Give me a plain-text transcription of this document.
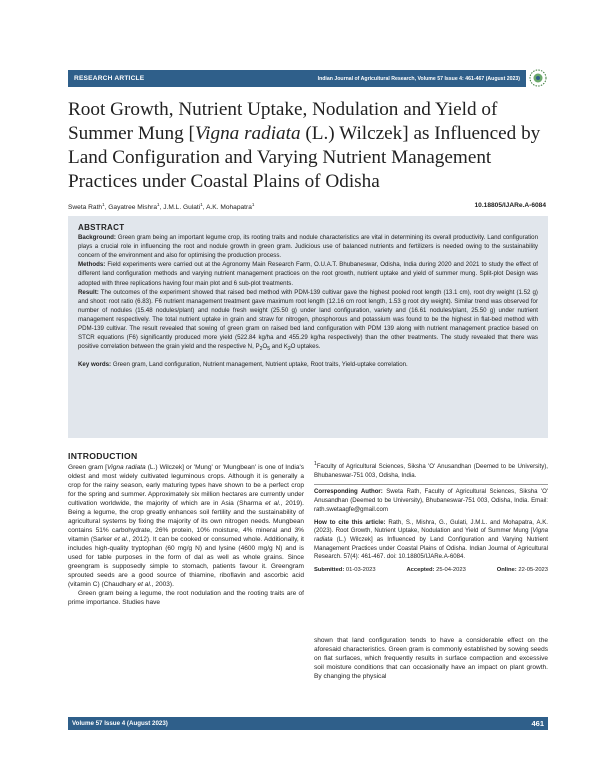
RESEARCH ARTICLE	Indian Journal of Agricultural Research, Volume 57 Issue 4: 461-467 (August 2023)
Root Growth, Nutrient Uptake, Nodulation and Yield of Summer Mung [Vigna radiata (L.) Wilczek] as Influenced by Land Configuration and Varying Nutrient Management Practices under Coastal Plains of Odisha
Sweta Rath$^1$, Gayatree Mishra$^1$, J.M.L. Gulati$^1$, A.K. Mohapatra$^1$	10.18805/IJARe.A-6084
ABSTRACT

Background: Green gram being an important legume crop, its rooting traits and nodule characteristics are vital in determining its overall productivity. Land configuration plays a crucial role in influencing the root and nodule growth in green gram. Judicious use of balanced nutrients and fertilizers is needed owing to the sustainability concern of the environment and also for optimising the production process.

Methods: Field experiments were carried out at the Agronomy Main Research Farm, O.U.A.T. Bhubaneswar, Odisha, India during 2020 and 2021 to study the effect of different land configuration methods and varying nutrient management practices on the root growth, nutrient uptake and yield of summer mung. Split-plot Design was adopted with three replications having four main plot and 6 sub-plot treatments.

Result: The outcomes of the experiment showed that raised bed method with PDM-139 cultivar gave the highest pooled root length (13.1 cm), root dry weight (1.52 g) and shoot: root ratio (6.83). F6 nutrient management treatment gave maximum root length (12.16 cm root length, 1.53 g root dry weight). Similar trend was observed for number of nodules (15.48 nodules/plant) and nodule fresh weight (25.50 g) under land configuration, variety and (16.61 nodules/plant, 25.50 g) under nutrient management respectively. The total nutrient uptake in grain and straw for nitrogen, phosphorous and potassium was found to be the highest in flat-bed method with PDM-139 cultivar. The result revealed that sowing of green gram on raised bed land configuration with PDM 139 along with nutrient management practice based on STCR equations (F6) significantly produced more yield (522.84 kg/ha and 455.29 kg/ha respectively) than the other treatments. The study revealed that there was positive correlation between the grain yield and the respective N, $P_2O_5$ and $K_2O$ uptakes.

Key words: Green gram, Land configuration, Nutrient management, Nutrient uptake, Root traits, Yield-uptake correlation.

INTRODUCTION

Green gram [Vigna radiata (L.) Wilczek] or 'Mung' or 'Mungbean' is one of India's oldest and most widely cultivated leguminous crops. Although it is generally a crop for the rainy season, early maturing types have shown to be a perfect crop for the spring and summer. Approximately six million hectares are currently under cultivation worldwide, the majority of which are in Asia (Sharma et al., 2019). Being a legume, the crop greatly enhances soil fertility and the sustainability of agricultural systems by fixing the majority of its own nitrogen needs. Mungbean contains 51% carbohydrate, 26% protein, 10% moisture, 4% mineral and 3% vitamin (Sarker et al., 2012). It can be cooked or consumed whole. Additionally, it includes high-quality tryptophan (60 mg/g N) and lysine (4600 mg/g N) and is used for table purposes in the form of dal as well as whole grains. Since greengram is supposedly simple to stomach, patients favour it. Greengram sprouted seeds are a good source of thiamine, riboflavin and ascorbic acid (vitamin C) (Chaudhary et al., 2003).

Green gram being a legume, the root nodulation and the rooting traits are of prime importance. Studies have

$^1$Faculty of Agricultural Sciences, Siksha 'O' Anusandhan (Deemed to be University), Bhubaneswar-751 003, Odisha, India.

Corresponding Author: Sweta Rath, Faculty of Agricultural Sciences, Siksha 'O' Anusandhan (Deemed to be University), Bhubaneswar-751 003, Odisha, India. Email: rath.swetaagfe@gmail.com

How to cite this article: Rath, S., Mishra, G., Gulati, J.M.L. and Mohapatra, A.K. (2023). Root Growth, Nutrient Uptake, Nodulation and Yield of Summer Mung [Vigna radiata (L.) Wilczek] as Influenced by Land Configuration and Varying Nutrient Management Practices under Coastal Plains of Odisha. Indian Journal of Agricultural Research. 57(4): 461-467. doi: 10.18805/IJARe.A-6084.

Submitted: 01-03-2023	Accepted: 25-04-2023	Online: 22-05-2023
shown that land configuration tends to have a considerable effect on the aforesaid characteristics. Green gram is commonly established by sowing seeds on flat surfaces, which frequently results in surface compaction and excessive soil moisture conditions that can occasionally have an impact on plant growth. By changing the physical
Volume 57 Issue 4 (August 2023)	461
